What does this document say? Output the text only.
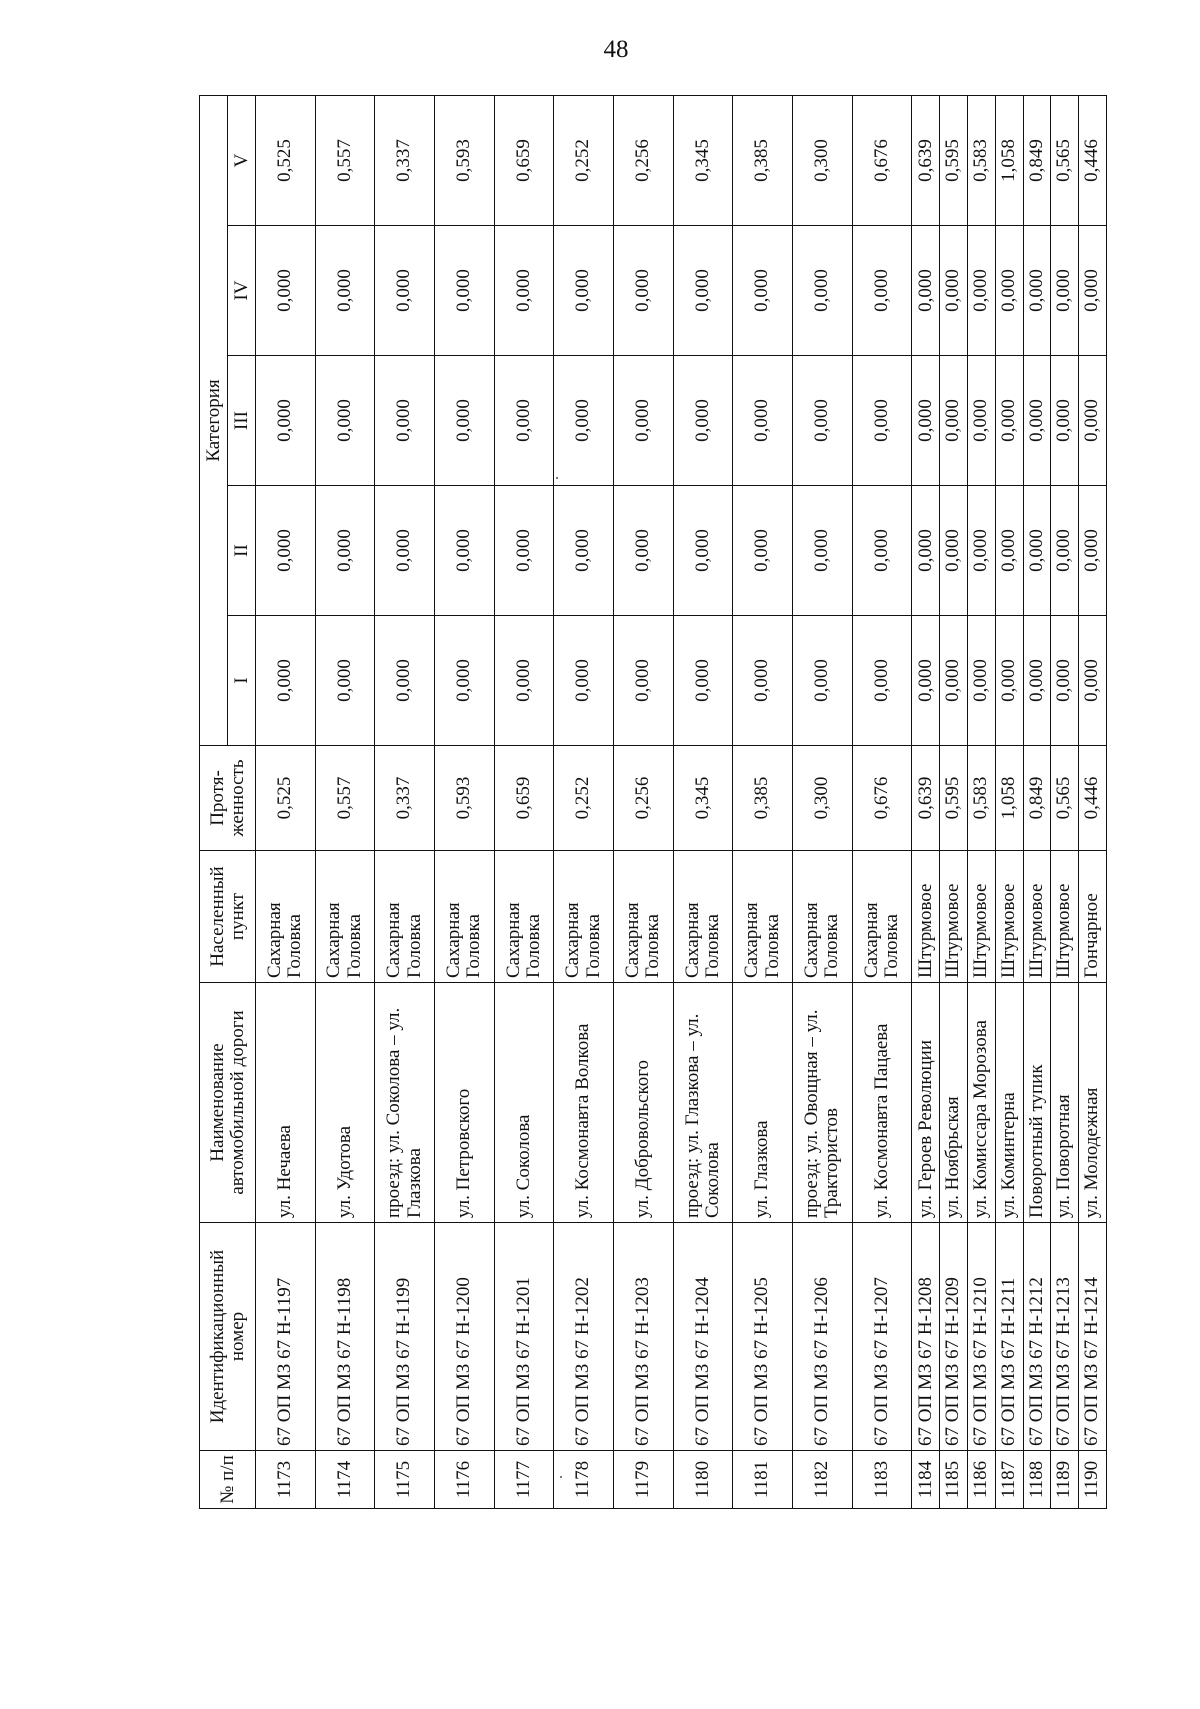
48
№ п/п	Идентификационный номер	Наименование автомобильной дороги	Населенный пункт	Протя-
женность	Категория				
					I	II	III	IV	V
1173	67 ОП МЗ 67 Н-1197	ул. Нечаева	Сахарная Головка	0,525	0,000	0,000	0,000	0,000	0,525
1174	67 ОП МЗ 67 Н-1198	ул. Удотова	Сахарная Головка	0,557	0,000	0,000	0,000	0,000	0,557
1175	67 ОП МЗ 67 Н-1199	проезд: ул. Соколова – ул. Глазкова	Сахарная Головка	0,337	0,000	0,000	0,000	0,000	0,337
1176	67 ОП МЗ 67 Н-1200	ул. Петровского	Сахарная Головка	0,593	0,000	0,000	0,000	0,000	0,593
1177	67 ОП МЗ 67 Н-1201	ул. Соколова	Сахарная Головка	0,659	0,000	0,000	0,000	0,000	0,659
1178	67 ОП МЗ 67 Н-1202	ул. Космонавта Волкова	Сахарная Головка	0,252	0,000	0,000	0,000	0,000	0,252
1179	67 ОП МЗ 67 Н-1203	ул. Добровольского	Сахарная Головка	0,256	0,000	0,000	0,000	0,000	0,256
1180	67 ОП МЗ 67 Н-1204	проезд: ул. Глазкова – ул. Соколова	Сахарная Головка	0,345	0,000	0,000	0,000	0,000	0,345
1181	67 ОП МЗ 67 Н-1205	ул. Глазкова	Сахарная Головка	0,385	0,000	0,000	0,000	0,000	0,385
1182	67 ОП МЗ 67 Н-1206	проезд: ул. Овощная – ул. Трактористов	Сахарная Головка	0,300	0,000	0,000	0,000	0,000	0,300
1183	67 ОП МЗ 67 Н-1207	ул. Космонавта Пацаева	Сахарная Головка	0,676	0,000	0,000	0,000	0,000	0,676
1184	67 ОП МЗ 67 Н-1208	ул. Героев Революции	Штурмовое	0,639	0,000	0,000	0,000	0,000	0,639
1185	67 ОП МЗ 67 Н-1209	ул. Ноябрьская	Штурмовое	0,595	0,000	0,000	0,000	0,000	0,595
1186	67 ОП МЗ 67 Н-1210	ул. Комиссара Морозова	Штурмовое	0,583	0,000	0,000	0,000	0,000	0,583
1187	67 ОП МЗ 67 Н-1211	ул. Коминтерна	Штурмовое	1,058	0,000	0,000	0,000	0,000	1,058
1188	67 ОП МЗ 67 Н-1212	Поворотный тупик	Штурмовое	0,849	0,000	0,000	0,000	0,000	0,849
1189	67 ОП МЗ 67 Н-1213	ул. Поворотная	Штурмовое	0,565	0,000	0,000	0,000	0,000	0,565
1190	67 ОП МЗ 67 Н-1214	ул. Молодежная	Гончарное	0,446	0,000	0,000	0,000	0,000	0,446
